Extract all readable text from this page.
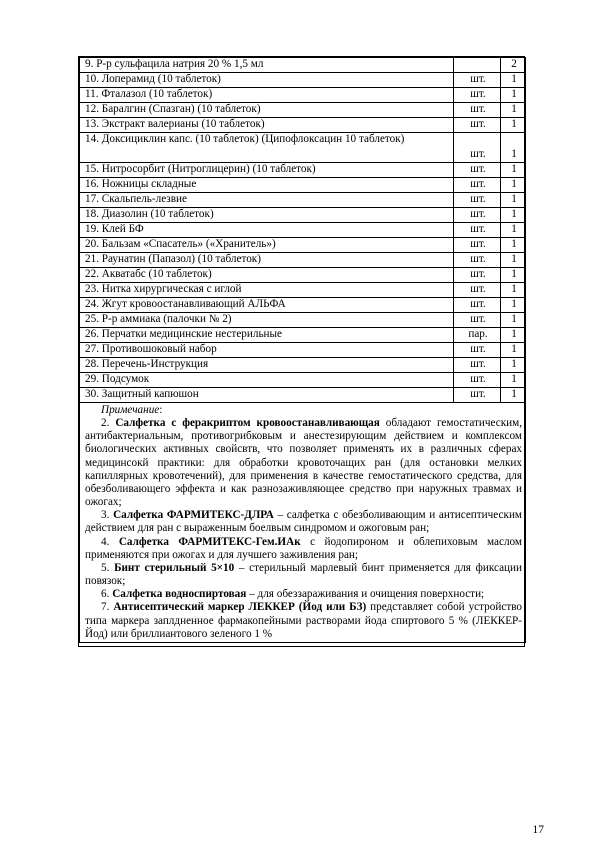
9. Р-р сульфацила натрия 20 % 1,5 мл		2
10. Лоперамид (10 таблеток)	шт.	1
11. Фталазол (10 таблеток)	шт.	1
12. Баралгин (Спазган) (10 таблеток)	шт.	1
13. Экстракт валерианы (10 таблеток)	шт.	1
14. Доксициклин капс. (10 таблеток) (Ципофлоксацин 10 таблеток)	шт.	1
15. Нитросорбит (Нитроглицерин) (10 таблеток)	шт.	1
16. Ножницы складные	шт.	1
17. Скальпель-лезвие	шт.	1
18. Диазолин (10 таблеток)	шт.	1
19. Клей БФ	шт.	1
20. Бальзам «Спасатель» («Хранитель»)	шт.	1
21. Раунатин (Папазол) (10 таблеток)	шт.	1
22. Акватабс (10 таблеток)	шт.	1
23. Нитка хирургическая с иглой	шт.	1
24. Жгут кровоостанавливающий АЛЬФА	шт.	1
25. Р-р аммиака (палочки № 2)	шт.	1
26. Перчатки медицинские нестерильные	пар.	1
27. Противошоковый набор	шт.	1
28. Перечень-Инструкция	шт.	1
29. Подсумок	шт.	1
30. Защитный капюшон	шт.	1

Примечание:

2. Салфетка с феракриптом кровоостанавливающая обладают гемостатическим, антибактериальным, противогрибковым и анестезирующим действием и комплексом биологических активных свойсвтв, что позволяет применять их в различных сферах медицинсокй практики: для обработки кровоточащих ран (для остановки мелких капиллярных кровотечений), для применения в качестве гемостатического средства, для обезболивающего эффекта и как разнозаживляющее средство при наружных травмах и ожогах;

3. Салфетка ФАРМИТЕКС-ДЛРА – салфетка с обезболивающим и антисептическим действием для ран с выраженным боелвым синдромом и ожоговым ран;

4. Салфетка ФАРМИТЕКС-Гем.ИАк с йодопироном и облепиховым маслом применяются при ожогах и для лучшего заживления ран;

5. Бинт стерильный 5×10 – стерильный марлевый бинт применяется для фиксации повязок;

6. Салфетка водноспиртовая – для обеззараживания и очищения поверхности;

7. Антисептический маркер ЛЕККЕР (Йод или БЗ) представляет собой устройство типа маркера заплдненное фармакопейными растворами йода спиртового 5 % (ЛЕККЕР-Йод) или бриллиантового зеленого 1 %

17
